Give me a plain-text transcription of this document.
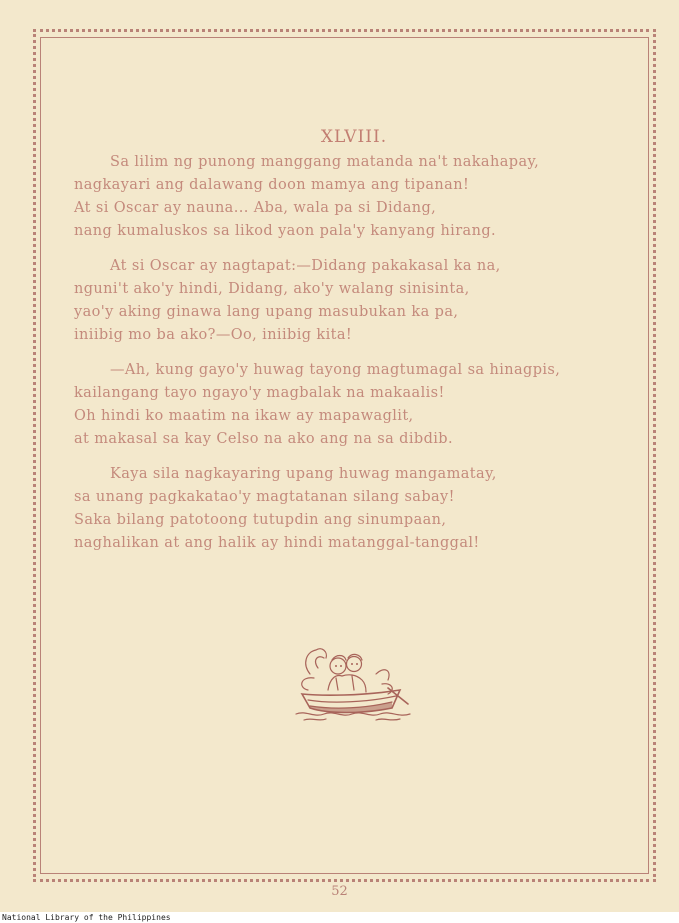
XLVIII.
Sa lilim ng punong manggang matanda na't nakahapay,
nagkayari ang dalawang doon mamya ang tipanan!
At si Oscar ay nauna... Aba, wala pa si Didang,
nang kumaluskos sa likod yaon pala'y kanyang hirang.
At si Oscar ay nagtapat:—Didang pakakasal ka na,
nguni't ako'y hindi, Didang, ako'y walang sinisinta,
yao'y aking ginawa lang upang masubukan ka pa,
iniibig mo ba ako?—Oo, iniibig kita!
—Ah, kung gayo'y huwag tayong magtumagal sa hinagpis,
kailangang tayo ngayo'y magbalak na makaalis!
Oh hindi ko maatim na ikaw ay mapawaglit,
at makasal sa kay Celso na ako ang na sa dibdib.
Kaya sila nagkayaring upang huwag mangamatay,
sa unang pagkakatao'y magtatanan silang sabay!
Saka bilang patotoong tutupdin ang sinumpaan,
naghalikan at ang halik ay hindi matanggal-tanggal!
52
National Library of the Philippines
